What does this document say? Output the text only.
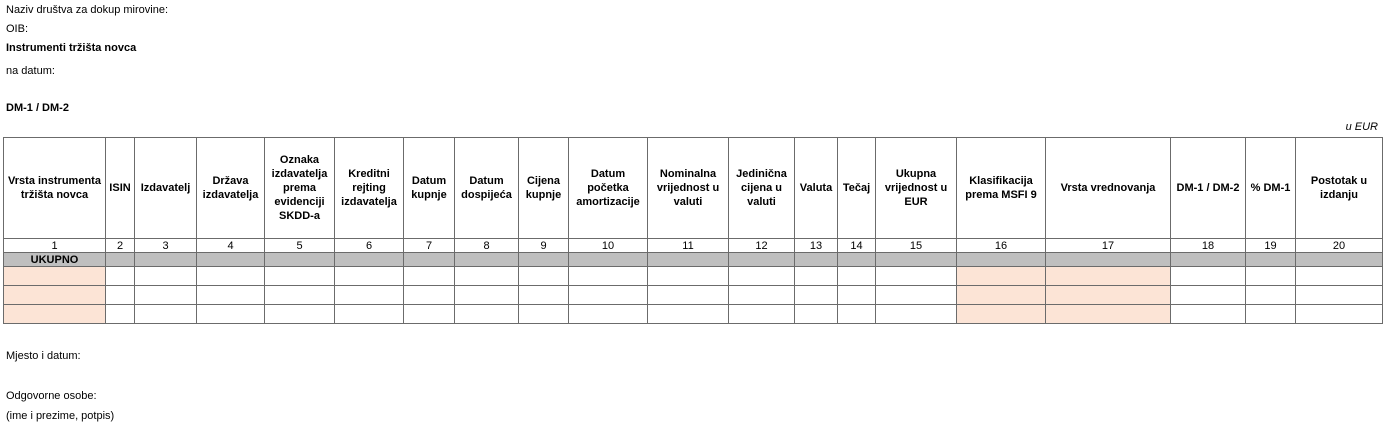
Naziv društva za dokup mirovine:
OIB:
Instrumenti tržišta novca
na datum:
DM-1 / DM-2
u EUR
Vrsta instrumenta tržišta novca	ISIN	Izdavatelj	Država izdavatelja	Oznaka izdavatelja prema evidenciji SKDD-a	Kreditni rejting izdavatelja	Datum kupnje	Datum dospijeća	Cijena kupnje	Datum početka amortizacije	Nominalna vrijednost u valuti	Jedinična cijena u valuti	Valuta	Tečaj	Ukupna vrijednost u EUR	Klasifikacija prema MSFI 9	Vrsta vrednovanja	DM-1 / DM-2	% DM-1	Postotak u izdanju
1	2	3	4	5	6	7	8	9	10	11	12	13	14	15	16	17	18	19	20
UKUPNO																			

Mjesto i datum:
Odgovorne osobe:
(ime i prezime, potpis)
